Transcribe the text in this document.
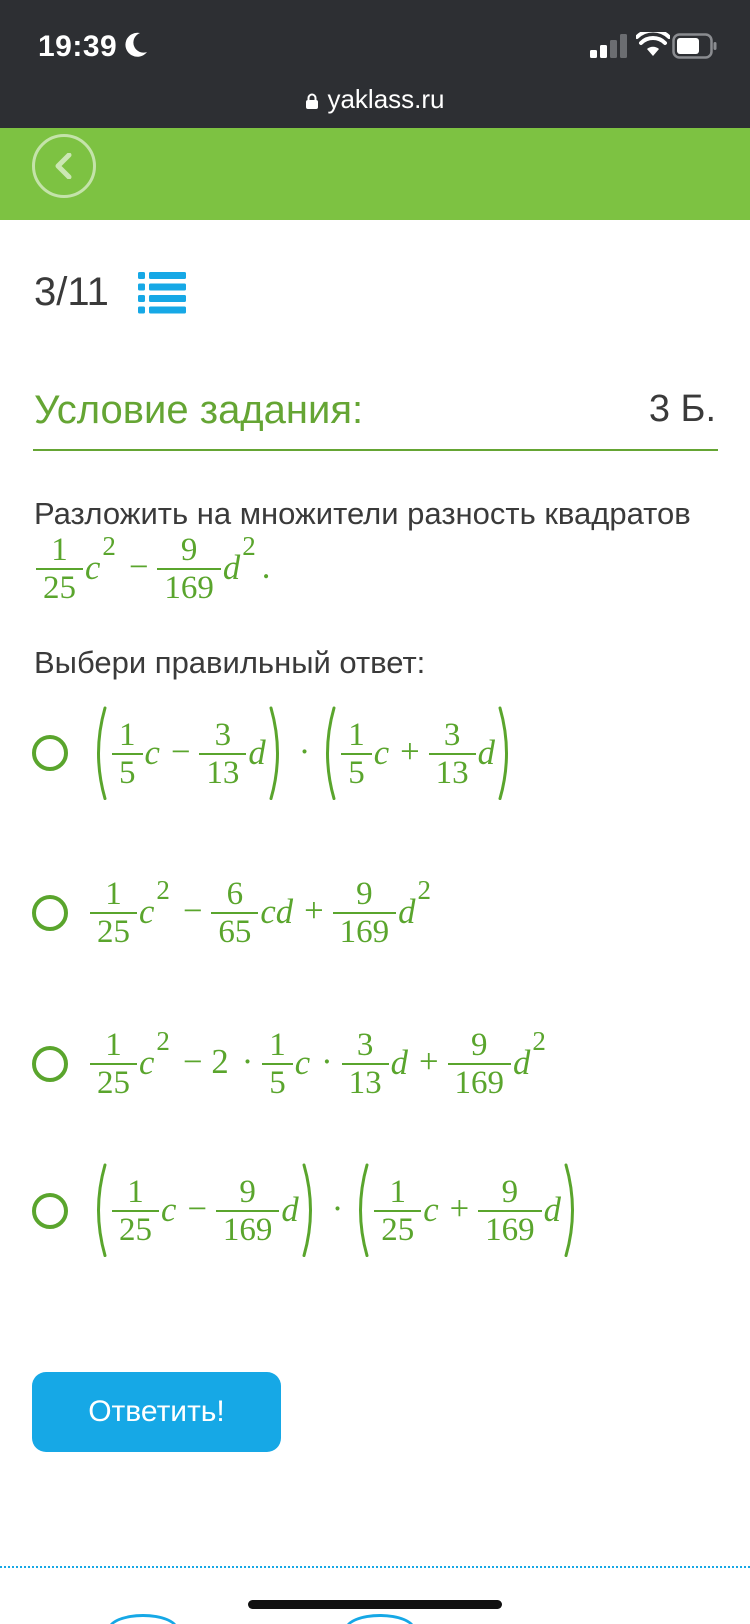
19:39
yaklass.ru
3/11
Условие задания:	3 Б.
Разложить на множители разность квадратов
1
25
c
2
− 9
169
d
2
.
Выбери правильный ответ:
1
5
c − 3
13
d · 1
5
c + 3
13
d
1
25
c
2
− 6
65
cd + 9
169
d
2
1
25
c
2
− 2 · 1
5
c · 3
13
d + 9
169
d
2
1
25
c − 9
169
d ·	1
25
c + 9
169
d
Ответить!
